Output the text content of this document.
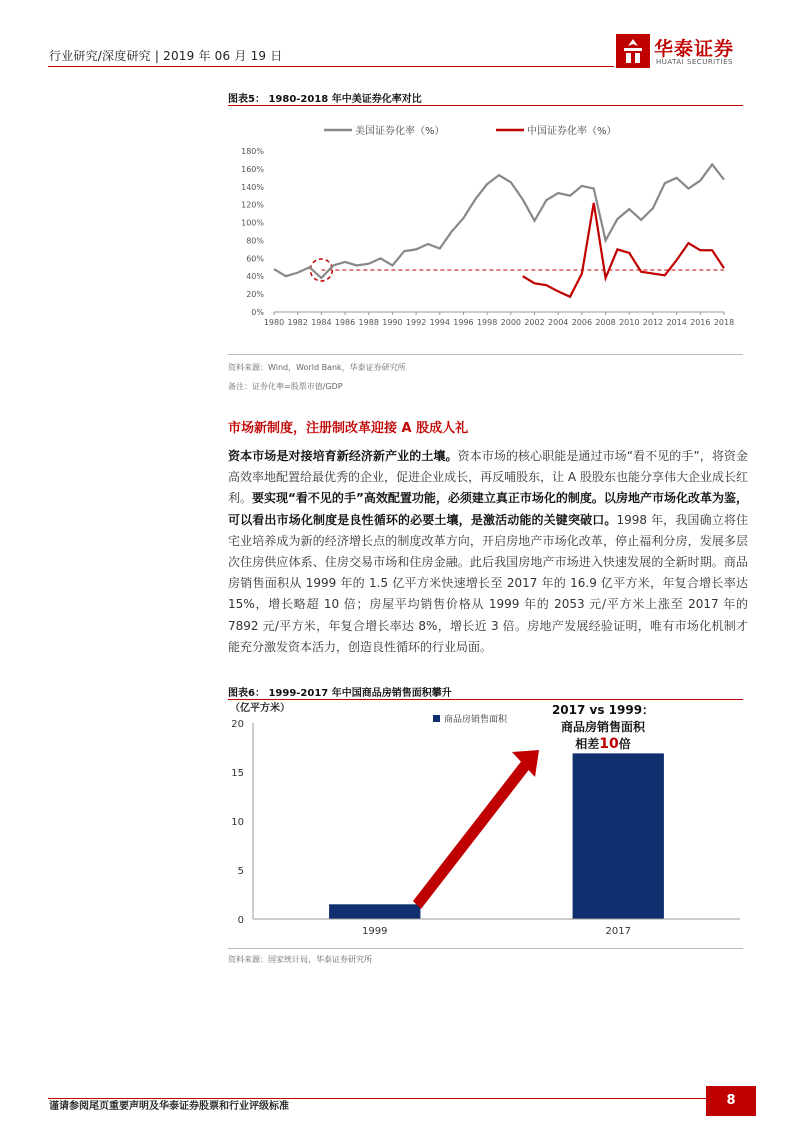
行业研究/深度研究 | 2019 年 06 月 19 日	华泰证券
HUATAI SECURITIES
图表5： 1980-2018 年中美证券化率对比
美国证券化率（%）	中国证券化率（%）
0%
20%
40%
60%
80%
100%
120%
140%
160%
180%
1980 1982 1984 1986 1988 1990 1992 1994 1996 1998 2000 2002 2004 2006 2008 2010 2012 2014 2016 2018
资料来源：Wind，World Bank，华泰证券研究所
备注：证券化率=股票市值/GDP
市场新制度，注册制改革迎接 A 股成人礼
资本市场是对接培育新经济新产业的土壤。资本市场的核心职能是通过市场“看不见的手”，将资金高效率地配置给最优秀的企业，促进企业成长，再反哺股东，让 A 股股东也能分享伟大企业成长红利。要实现“看不见的手”高效配置功能，必须建立真正市场化的制度。以房地产市场化改革为鉴，可以看出市场化制度是良性循环的必要土壤，是激活动能的关键突破口。1998 年，我国确立将住宅业培养成为新的经济增长点的制度改革方向，开启房地产市场化改革，停止福利分房，发展多层次住房供应体系、住房交易市场和住房金融。此后我国房地产市场进入快速发展的全新时期。商品房销售面积从 1999 年的 1.5 亿平方米快速增长至 2017 年的 16.9 亿平方米，年复合增长率达 15%，增长略超 10 倍；房屋平均销售价格从 1999 年的 2053 元/平方米上涨至 2017 年的 7892 元/平方米，年复合增长率达 8%，增长近 3 倍。房地产发展经验证明，唯有市场化机制才能充分激发资本活力，创造良性循环的行业局面。
图表6： 1999-2017 年中国商品房销售面积攀升
（亿平方米）
商品房销售面积
0
5
10
15
20
1999	2017
2017 vs 1999：
商品房销售面积
相差10倍
资料来源：国家统计局，华泰证券研究所
谨请参阅尾页重要声明及华泰证券股票和行业评级标准	8
